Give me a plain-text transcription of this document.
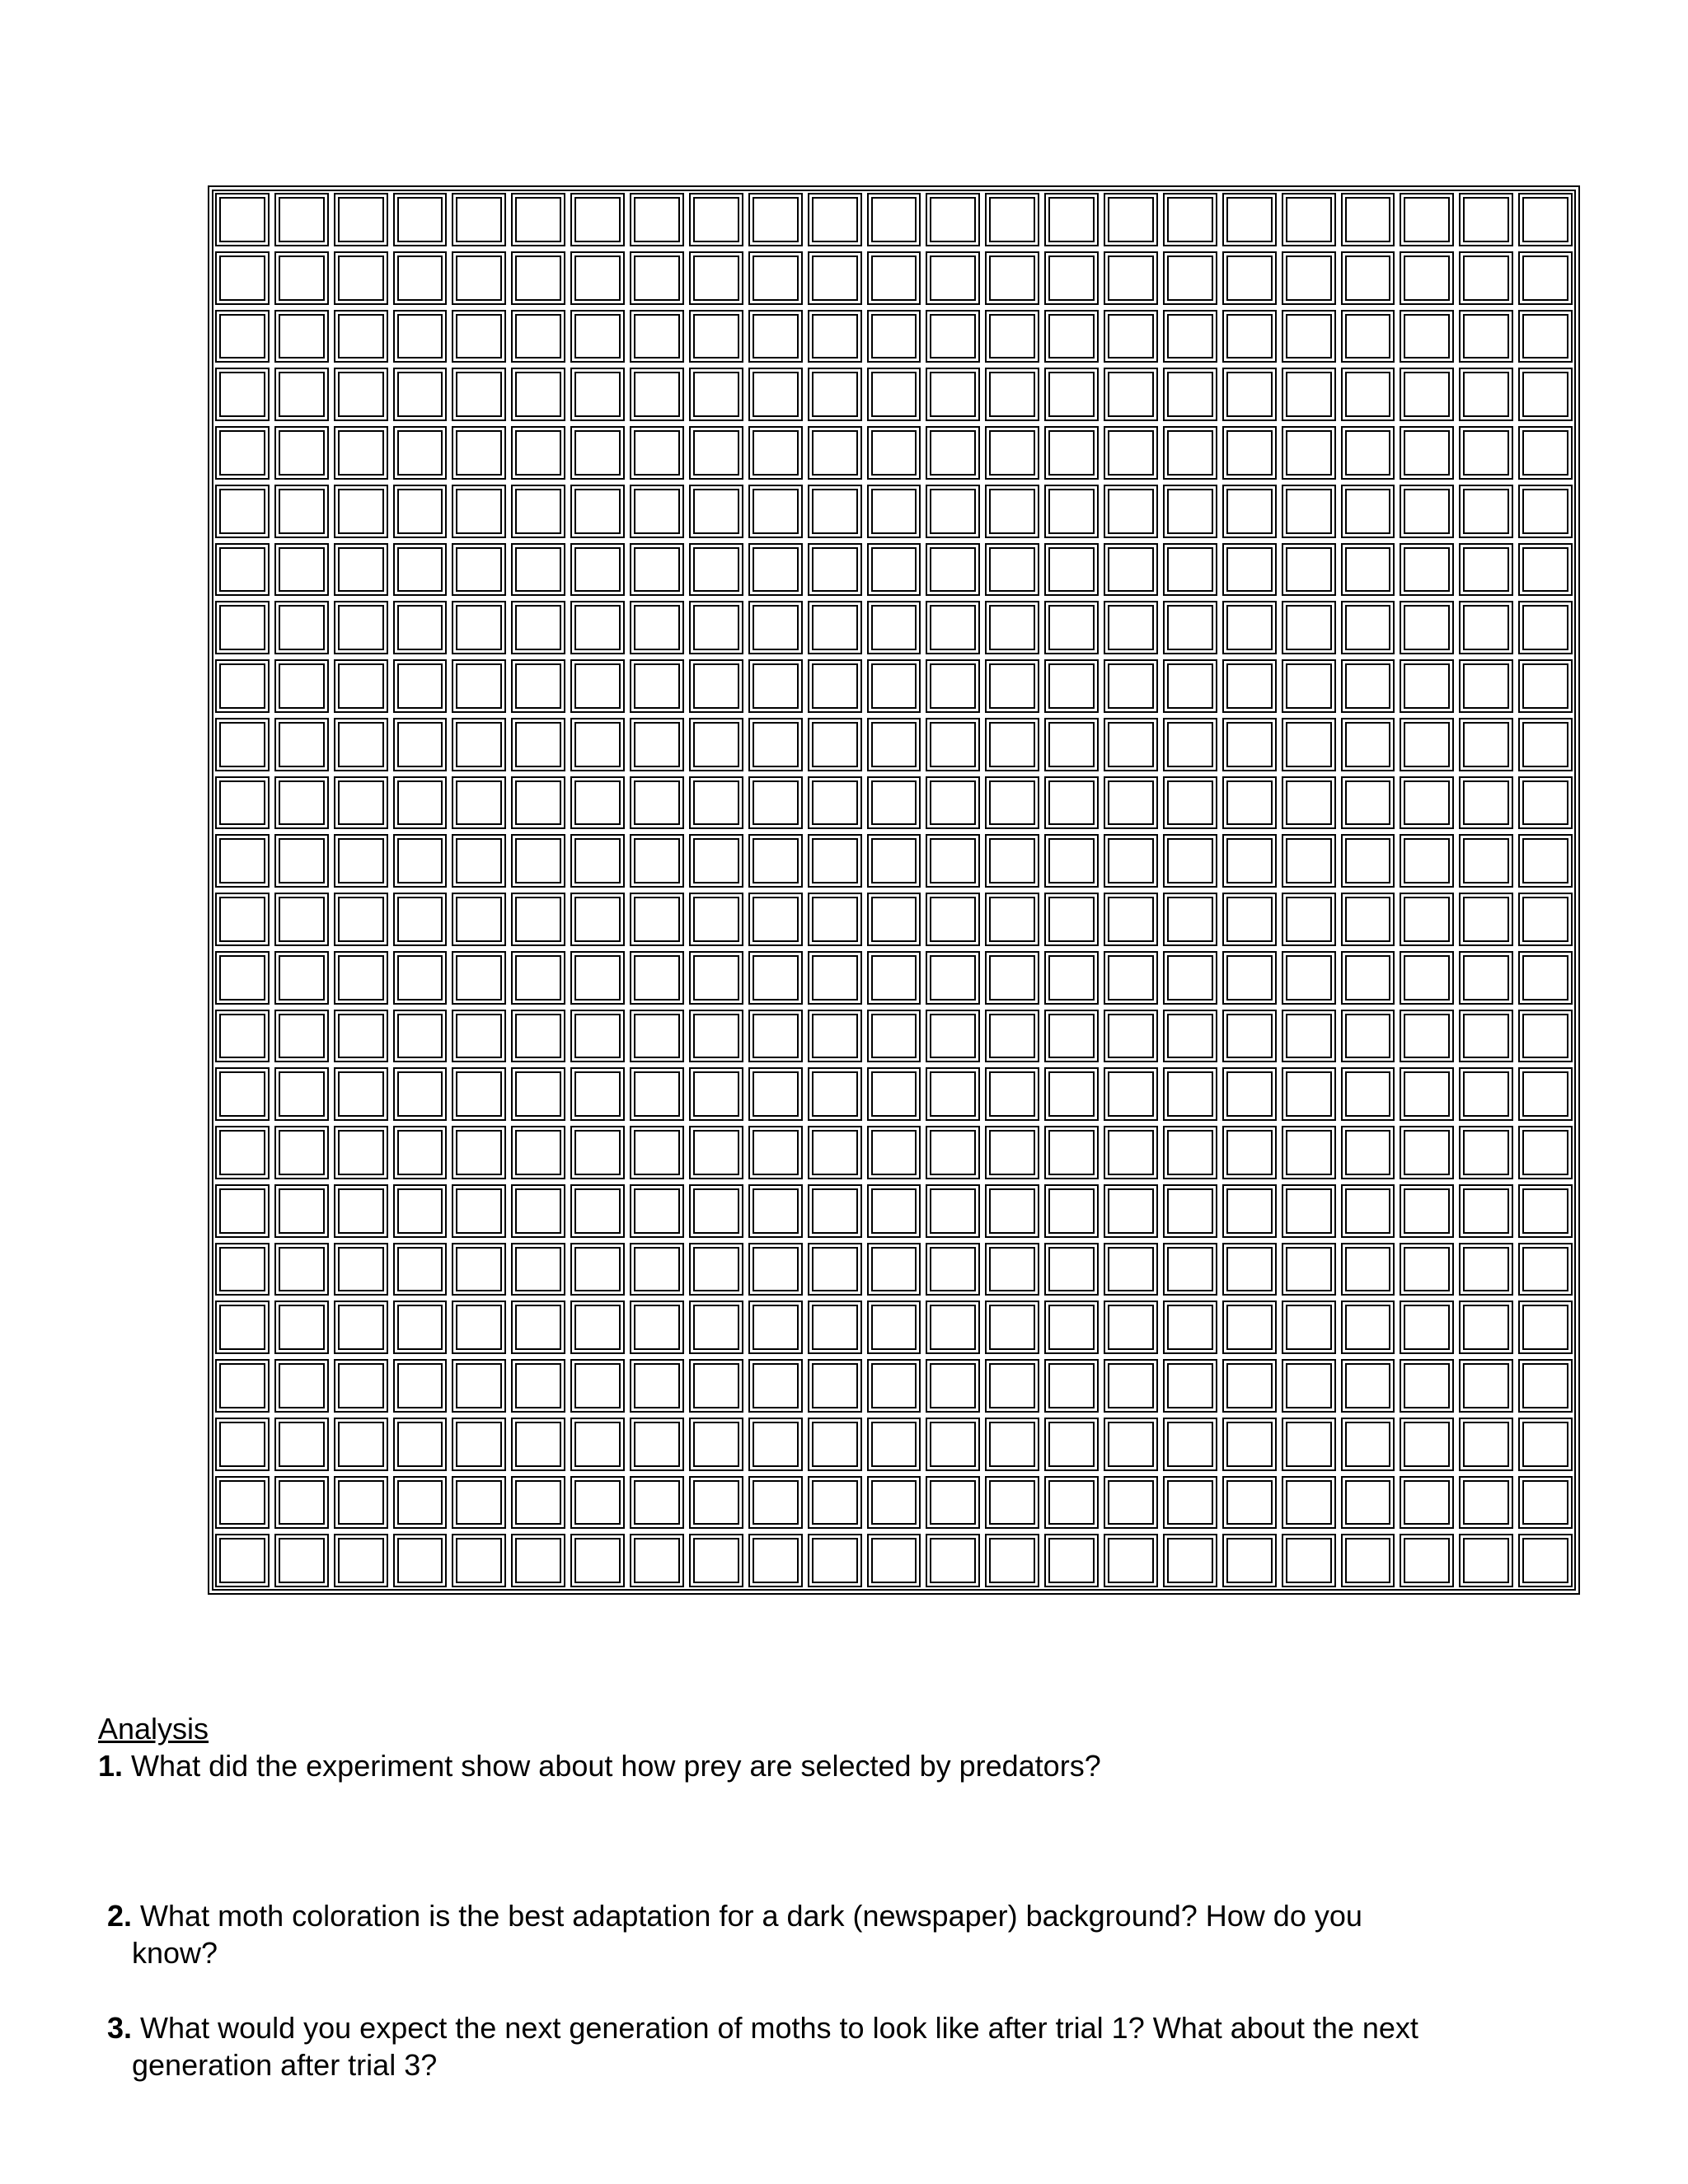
Analysis
1. What did the experiment show about how prey are selected by predators?
2. What moth coloration is the best adaptation for a dark (newspaper) background? How do you
know?
3. What would you expect the next generation of moths to look like after trial 1? What about the next
generation after trial 3?
